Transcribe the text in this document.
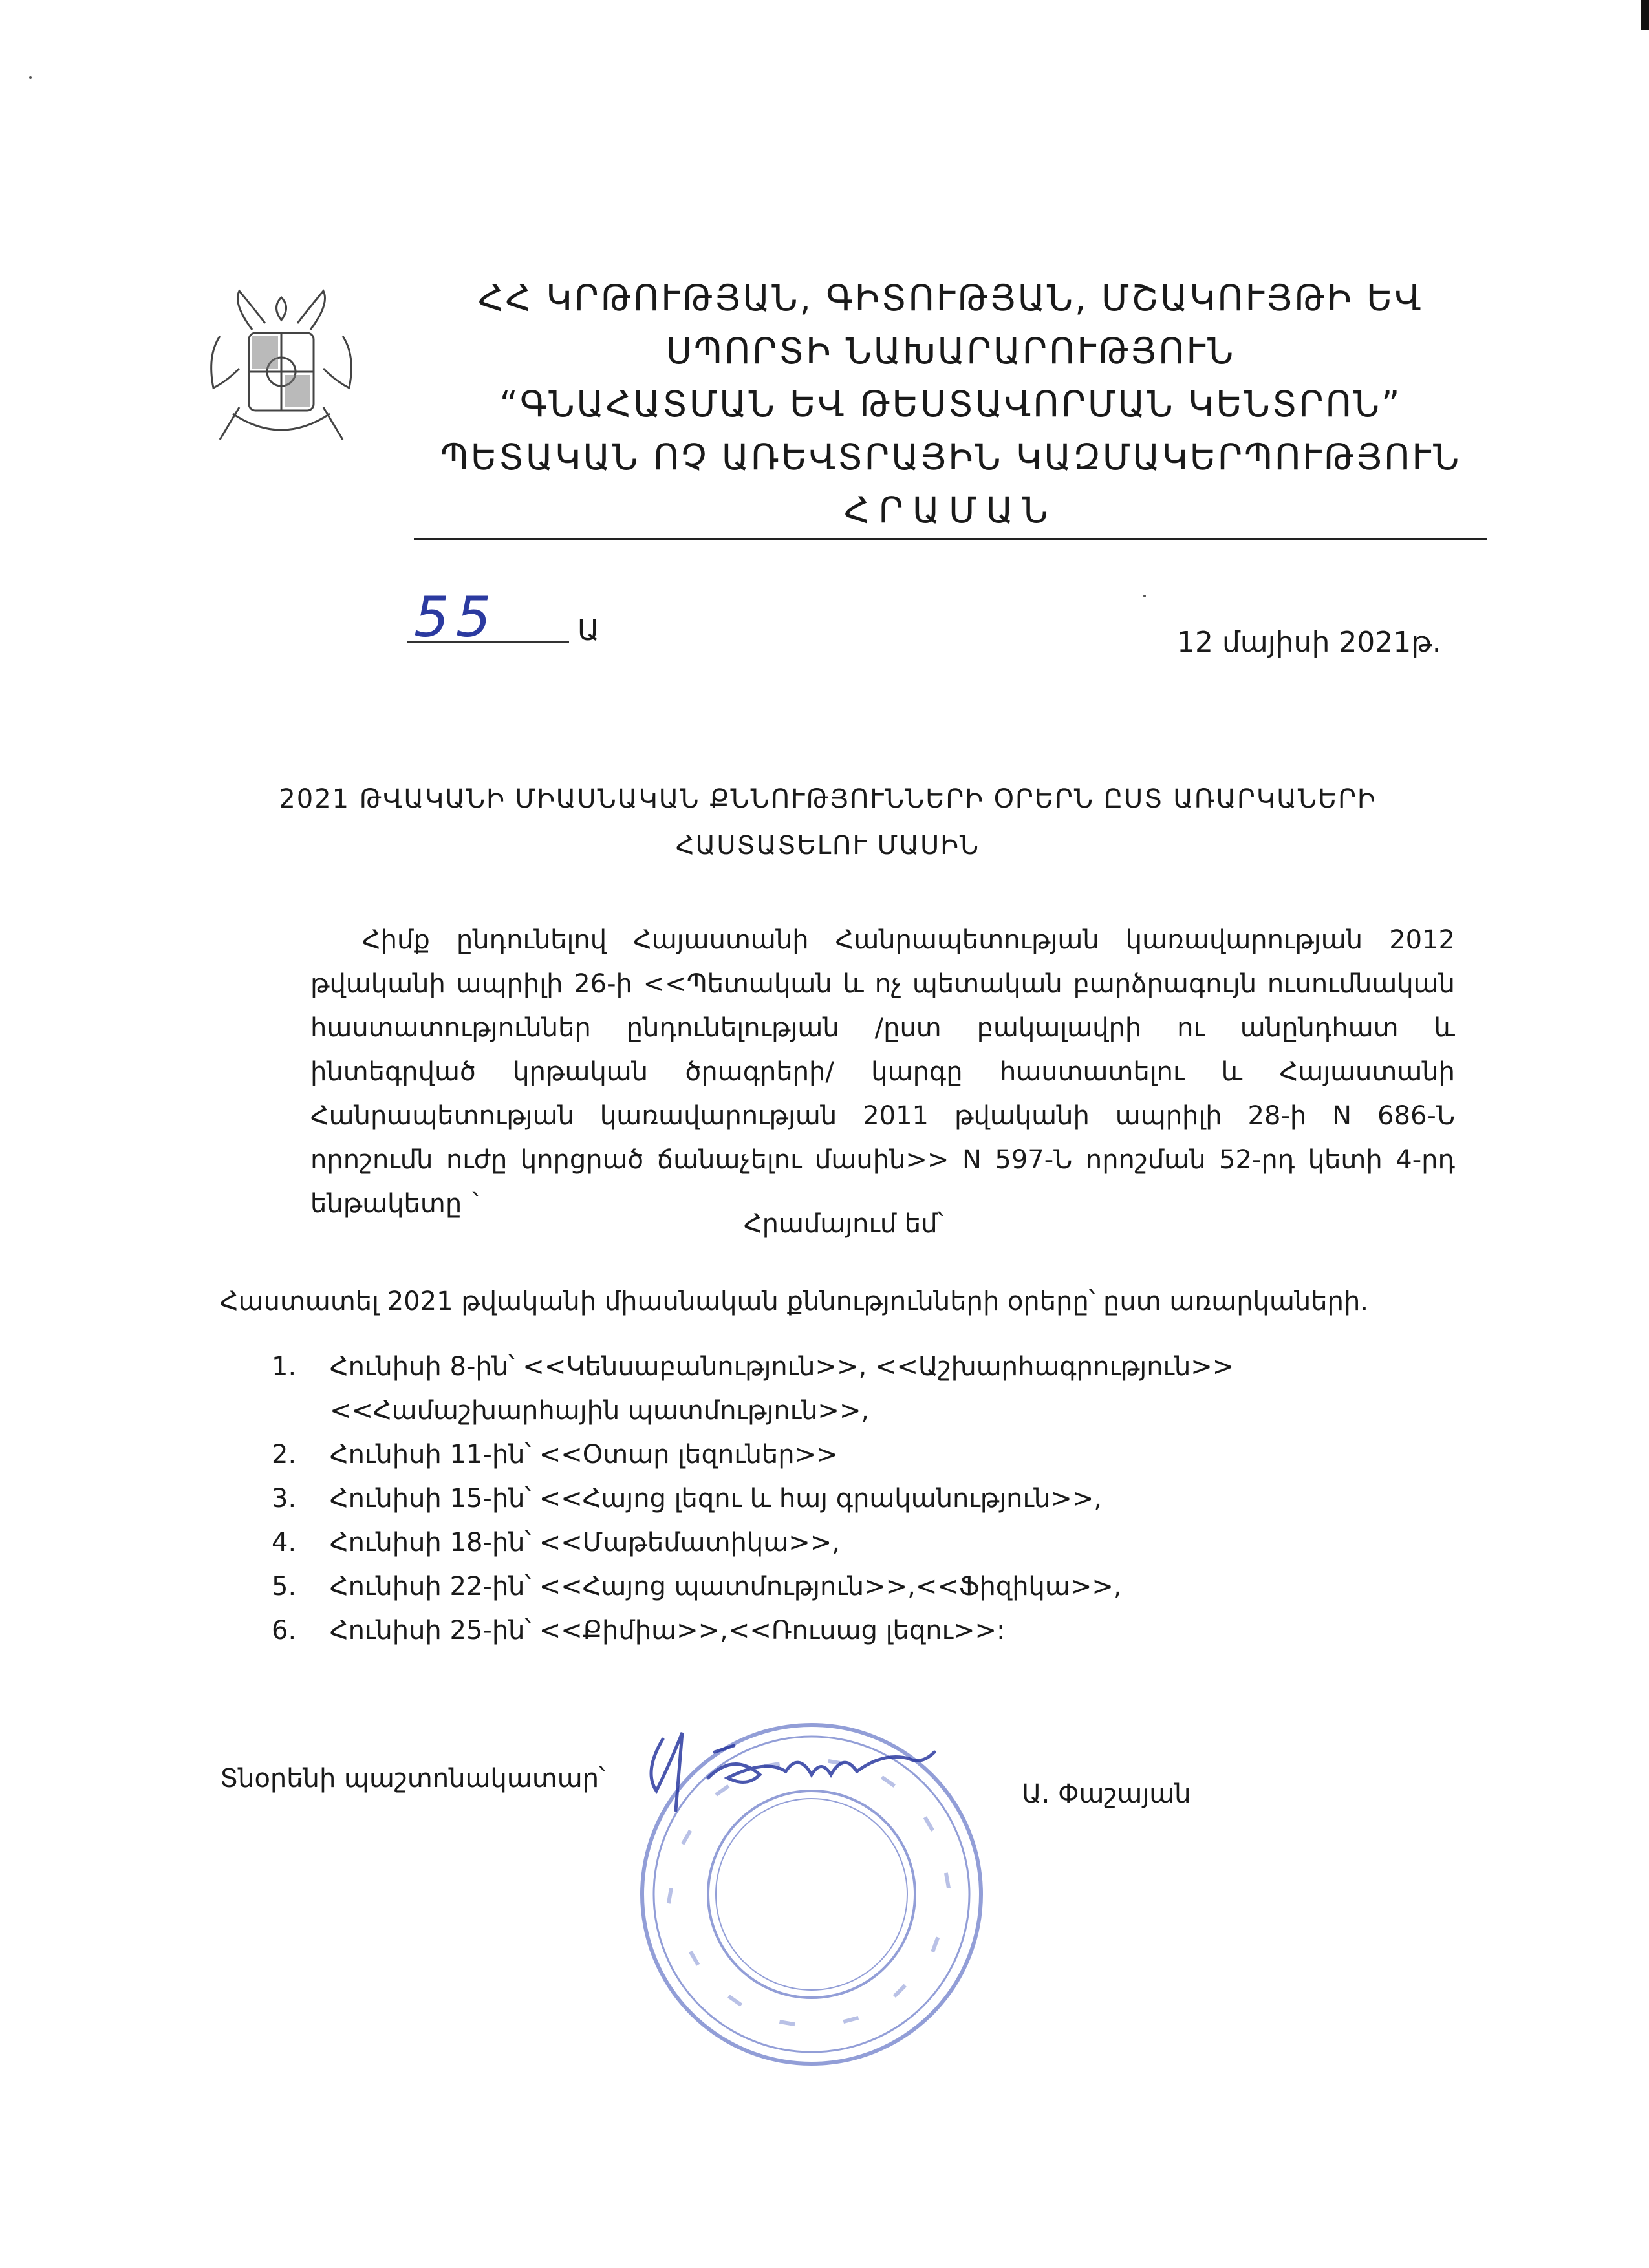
ՀՀ ԿՐԹՈՒԹՅԱՆ, ԳԻՏՈՒԹՅԱՆ, ՄՇԱԿՈՒՅԹԻ ԵՎ
ՍՊՈՐՏԻ ՆԱԽԱՐԱՐՈՒԹՅՈՒՆ
“ԳՆԱՀԱՏՄԱՆ ԵՎ ԹԵՍՏԱՎՈՐՄԱՆ ԿԵՆՏՐՈՆ”
ՊԵՏԱԿԱՆ ՈՉ ԱՌԵՎՏՐԱՅԻՆ ԿԱԶՄԱԿԵՐՊՈՒԹՅՈՒՆ
ՀՐԱՄԱՆ
55	Ա	12 մայիսի 2021թ.
2021 ԹՎԱԿԱՆԻ ՄԻԱՍՆԱԿԱՆ ՔՆՆՈՒԹՅՈՒՆՆԵՐԻ ՕՐԵՐՆ ԸՍՏ ԱՌԱՐԿԱՆԵՐԻ
ՀԱՍՏԱՏԵԼՈՒ ՄԱՍԻՆ
Հիմք ընդունելով Հայաստանի Հանրապետության կառավարության 2012 թվականի ապրիլի 26-ի <<Պետական և ոչ պետական բարձրագույն ուսումնական հաստատություններ ընդունելության /ըստ բակալավրի ու անընդհատ և ինտեգրված կրթական ծրագրերի/ կարգը հաստատելու և Հայաստանի Հանրապետության կառավարության 2011 թվականի ապրիլի 28-ի N 686-Ն որոշումն ուժը կորցրած ճանաչելու մասին>> N 597-Ն որոշման 52-րդ կետի 4-րդ ենթակետը `
Հրամայում եմ՝
Հաստատել 2021 թվականի միասնական քննությունների օրերը՝ ըստ առարկաների.
1.	Հունիսի 8-ին՝ <<Կենսաբանություն>>, <<Աշխարհագրություն>> <<Համաշխարհային պատմություն>>,
2.	Հունիսի 11-ին՝ <<Օտար լեզուներ>>
3.	Հունիսի 15-ին՝ <<Հայոց լեզու և հայ գրականություն>>,
4.	Հունիսի 18-ին՝ <<Մաթեմատիկա>>,
5.	Հունիսի 22-ին՝ <<Հայոց պատմություն>>,<<Ֆիզիկա>>,
6.	Հունիսի 25-ին՝ <<Քիմիա>>,<<Ռուսաց լեզու>>:
Տնօրենի պաշտոնակատար՝
Ա. Փաշայան
